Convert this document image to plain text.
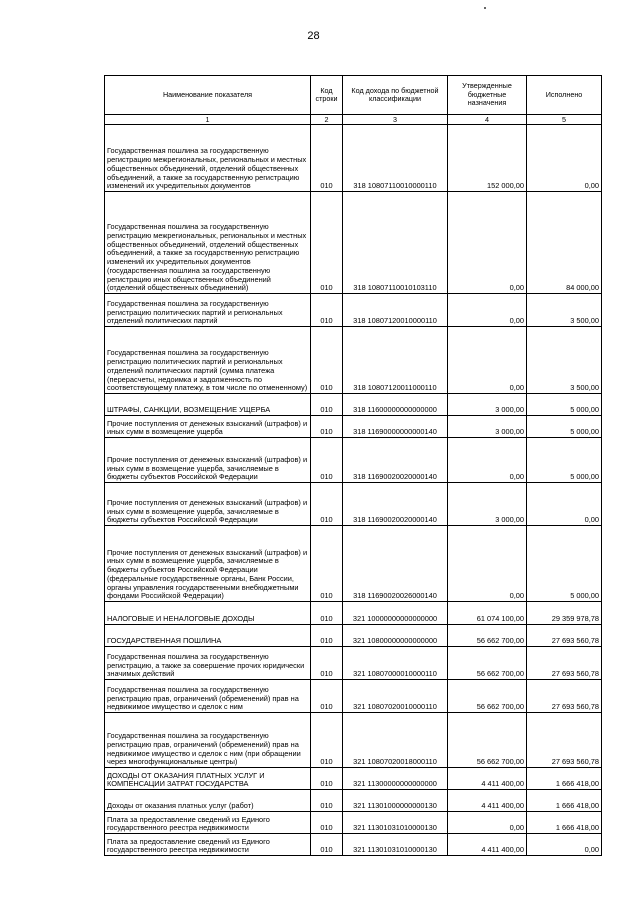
28
Наименование показателя	Код строки	Код дохода по бюджетной классификации	Утвержденные бюджетные назначения	Исполнено
1	2	3	4	5
Государственная пошлина за государственную регистрацию межрегиональных, региональных и местных общественных объединений, отделений общественных объединений, а также за государственную регистрацию изменений их учредительных документов	010	318 10807110010000110	152 000,00	0,00
Государственная пошлина за государственную регистрацию межрегиональных, региональных и местных общественных объединений, отделений общественных объединений, а также за государственную регистрацию изменений их учредительных документов (государственная пошлина за государственную регистрацию иных общественных объединений (отделений общественных объединений)	010	318 10807110010103110	0,00	84 000,00
Государственная пошлина за государственную регистрацию политических партий и региональных отделений политических партий	010	318 10807120010000110	0,00	3 500,00
Государственная пошлина за государственную регистрацию политических партий и региональных отделений политических партий (сумма платежа (перерасчеты, недоимка и задолженность по соответствующему платежу, в том числе по отмененному)	010	318 10807120011000110	0,00	3 500,00
ШТРАФЫ, САНКЦИИ, ВОЗМЕЩЕНИЕ УЩЕРБА	010	318 11600000000000000	3 000,00	5 000,00
Прочие поступления от денежных взысканий (штрафов) и иных сумм в возмещение ущерба	010	318 11690000000000140	3 000,00	5 000,00
Прочие поступления от денежных взысканий (штрафов) и иных сумм в возмещение ущерба, зачисляемые в бюджеты субъектов Российской Федерации	010	318 11690020020000140	0,00	5 000,00
Прочие поступления от денежных взысканий (штрафов) и иных сумм в возмещение ущерба, зачисляемые в бюджеты субъектов Российской Федерации	010	318 11690020020000140	3 000,00	0,00
Прочие поступления от денежных взысканий (штрафов) и иных сумм в возмещение ущерба, зачисляемые в бюджеты субъектов Российской Федерации (федеральные государственные органы, Банк России, органы управления государственными внебюджетными фондами Российской Федерации)	010	318 11690020026000140	0,00	5 000,00
НАЛОГОВЫЕ И НЕНАЛОГОВЫЕ ДОХОДЫ	010	321 10000000000000000	61 074 100,00	29 359 978,78
ГОСУДАРСТВЕННАЯ ПОШЛИНА	010	321 10800000000000000	56 662 700,00	27 693 560,78
Государственная пошлина за государственную регистрацию, а также за совершение прочих юридически значимых действий	010	321 10807000010000110	56 662 700,00	27 693 560,78
Государственная пошлина за государственную регистрацию прав, ограничений (обременений) прав на недвижимое имущество и сделок с ним	010	321 10807020010000110	56 662 700,00	27 693 560,78
Государственная пошлина за государственную регистрацию прав, ограничений (обременений) прав на недвижимое имущество и сделок с ним (при обращении через многофункциональные центры)	010	321 10807020018000110	56 662 700,00	27 693 560,78
ДОХОДЫ ОТ ОКАЗАНИЯ ПЛАТНЫХ УСЛУГ И КОМПЕНСАЦИИ ЗАТРАТ ГОСУДАРСТВА	010	321 11300000000000000	4 411 400,00	1 666 418,00
Доходы от оказания платных услуг (работ)	010	321 11301000000000130	4 411 400,00	1 666 418,00
Плата за предоставление сведений из Единого государственного реестра недвижимости	010	321 11301031010000130	0,00	1 666 418,00
Плата за предоставление сведений из Единого государственного реестра недвижимости	010	321 11301031010000130	4 411 400,00	0,00
